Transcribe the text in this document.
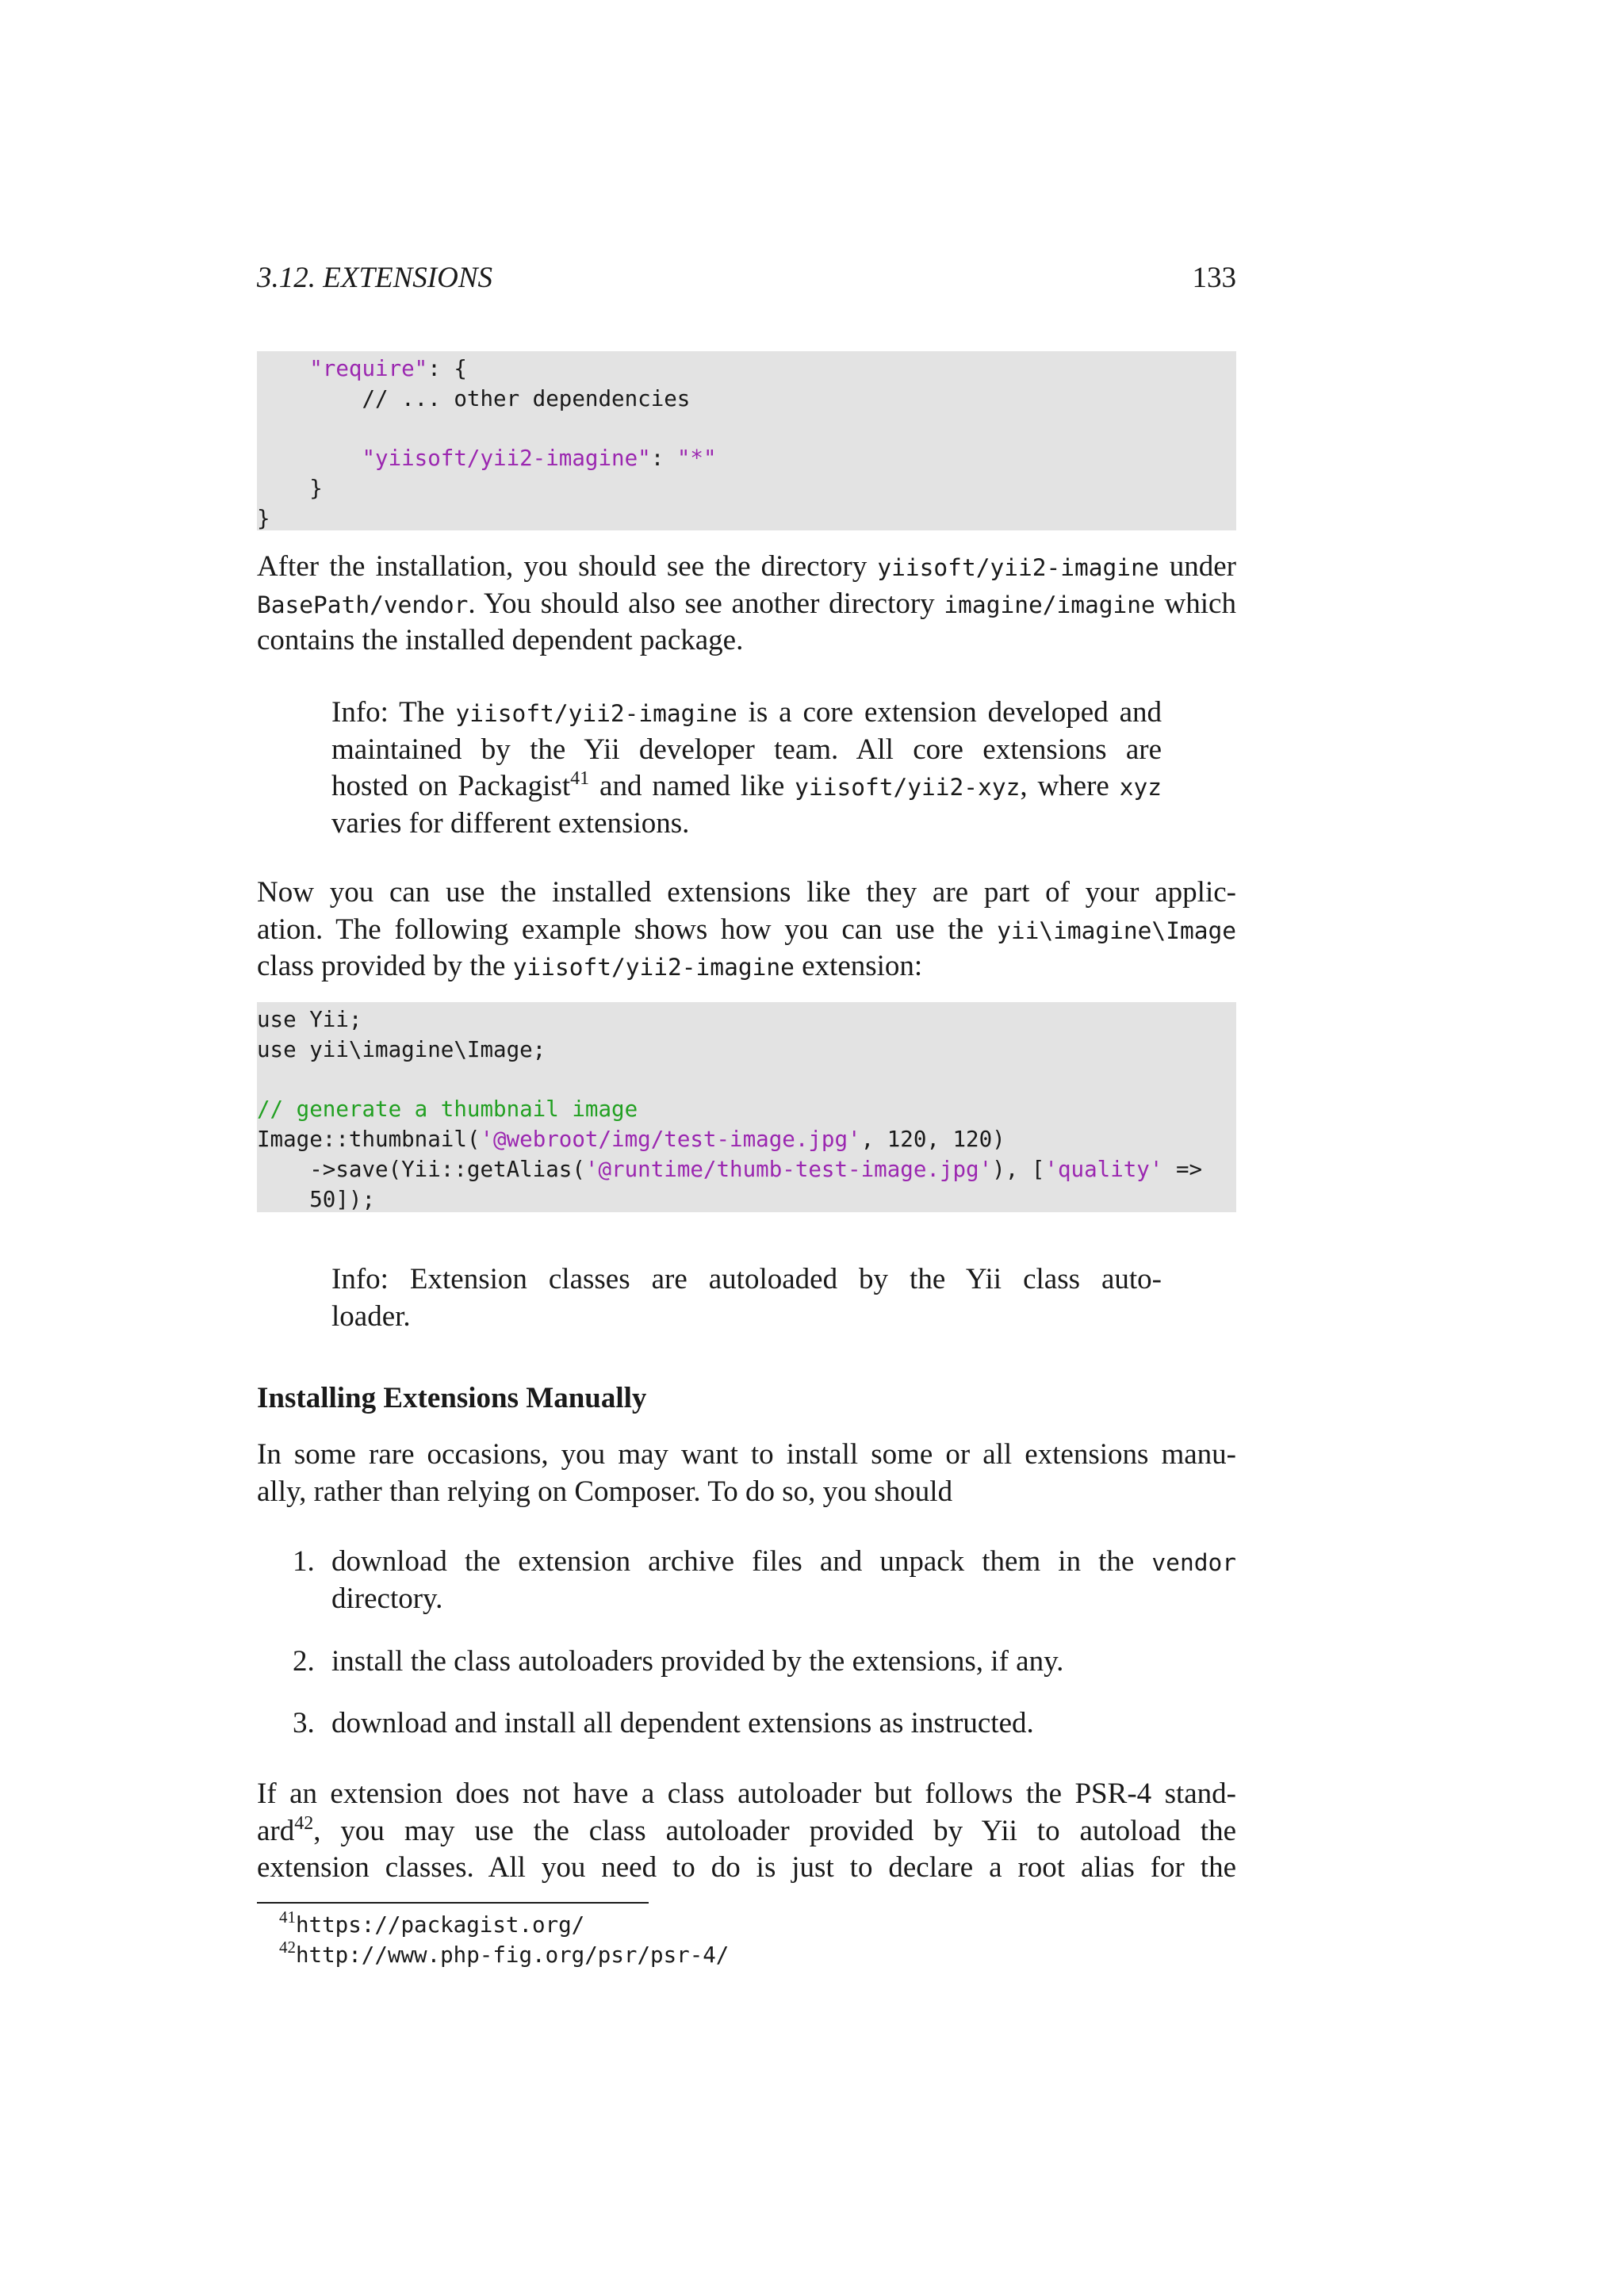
3.12. EXTENSIONS	133
"require": {
// ... other dependencies
"yiisoft/yii2-imagine": "*"
}
}
After the installation, you should see the directory yiisoft/yii2-imagine under
BasePath/vendor. You should also see another directory imagine/imagine which
contains the installed dependent package.
Info: The yiisoft/yii2-imagine is a core extension developed and
maintained by the Yii developer team. All core extensions are
hosted on Packagist$^{41}$ and named like yiisoft/yii2-xyz, where xyz
varies for different extensions.
Now you can use the installed extensions like they are part of your applic-
ation. The following example shows how you can use the yii\imagine\Image
class provided by the yiisoft/yii2-imagine extension:
use Yii;
use yii\imagine\Image;
// generate a thumbnail image
Image::thumbnail('@webroot/img/test-image.jpg', 120, 120)
->save(Yii::getAlias('@runtime/thumb-test-image.jpg'), ['quality' =>
50]);
Info: Extension classes are autoloaded by the Yii class auto-
loader.
Installing Extensions Manually
In some rare occasions, you may want to install some or all extensions manu-
ally, rather than relying on Composer. To do so, you should
1. download the extension archive files and unpack them in the vendor
directory.
2. install the class autoloaders provided by the extensions, if any.
3. download and install all dependent extensions as instructed.
If an extension does not have a class autoloader but follows the PSR-4 stand-
ard$^{42}$, you may use the class autoloader provided by Yii to autoload the
extension classes. All you need to do is just to declare a root alias for the
$^{41}$https://packagist.org/
$^{42}$http://www.php-fig.org/psr/psr-4/
